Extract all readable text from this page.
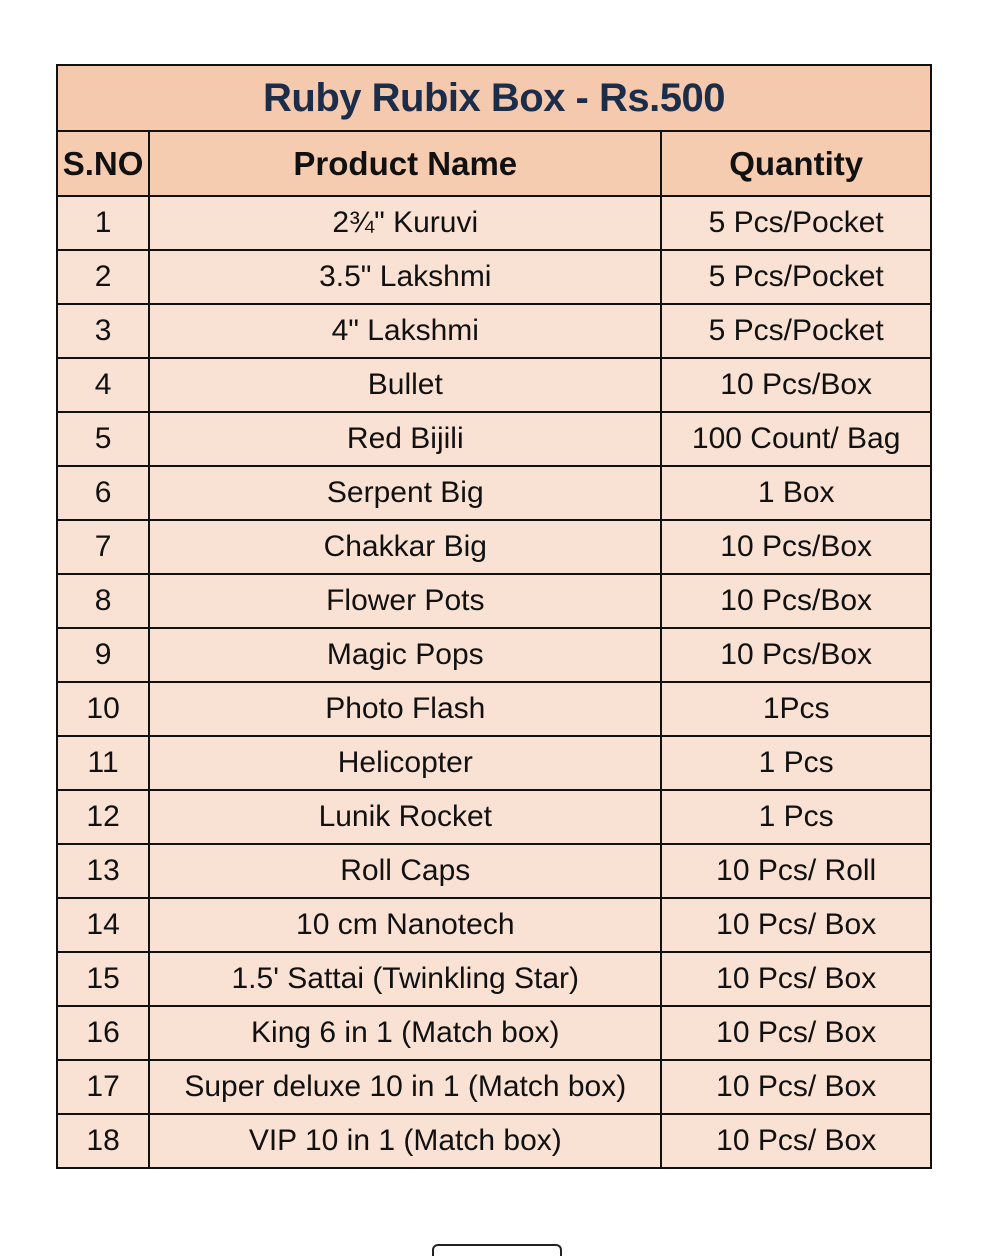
Ruby Rubix Box - Rs.500		
S.NO	Product Name	Quantity
1	2¾" Kuruvi	5 Pcs/Pocket
2	3.5" Lakshmi	5 Pcs/Pocket
3	4" Lakshmi	5 Pcs/Pocket
4	Bullet	10 Pcs/Box
5	Red Bijili	100 Count/ Bag
6	Serpent Big	1 Box
7	Chakkar Big	10 Pcs/Box
8	Flower Pots	10 Pcs/Box
9	Magic Pops	10 Pcs/Box
10	Photo Flash	1Pcs
11	Helicopter	1 Pcs
12	Lunik Rocket	1 Pcs
13	Roll Caps	10 Pcs/ Roll
14	10 cm Nanotech	10 Pcs/ Box
15	1.5' Sattai (Twinkling Star)	10 Pcs/ Box
16	King 6 in 1 (Match box)	10 Pcs/ Box
17	Super deluxe 10 in 1 (Match box)	10 Pcs/ Box
18	VIP 10 in 1 (Match box)	10 Pcs/ Box
